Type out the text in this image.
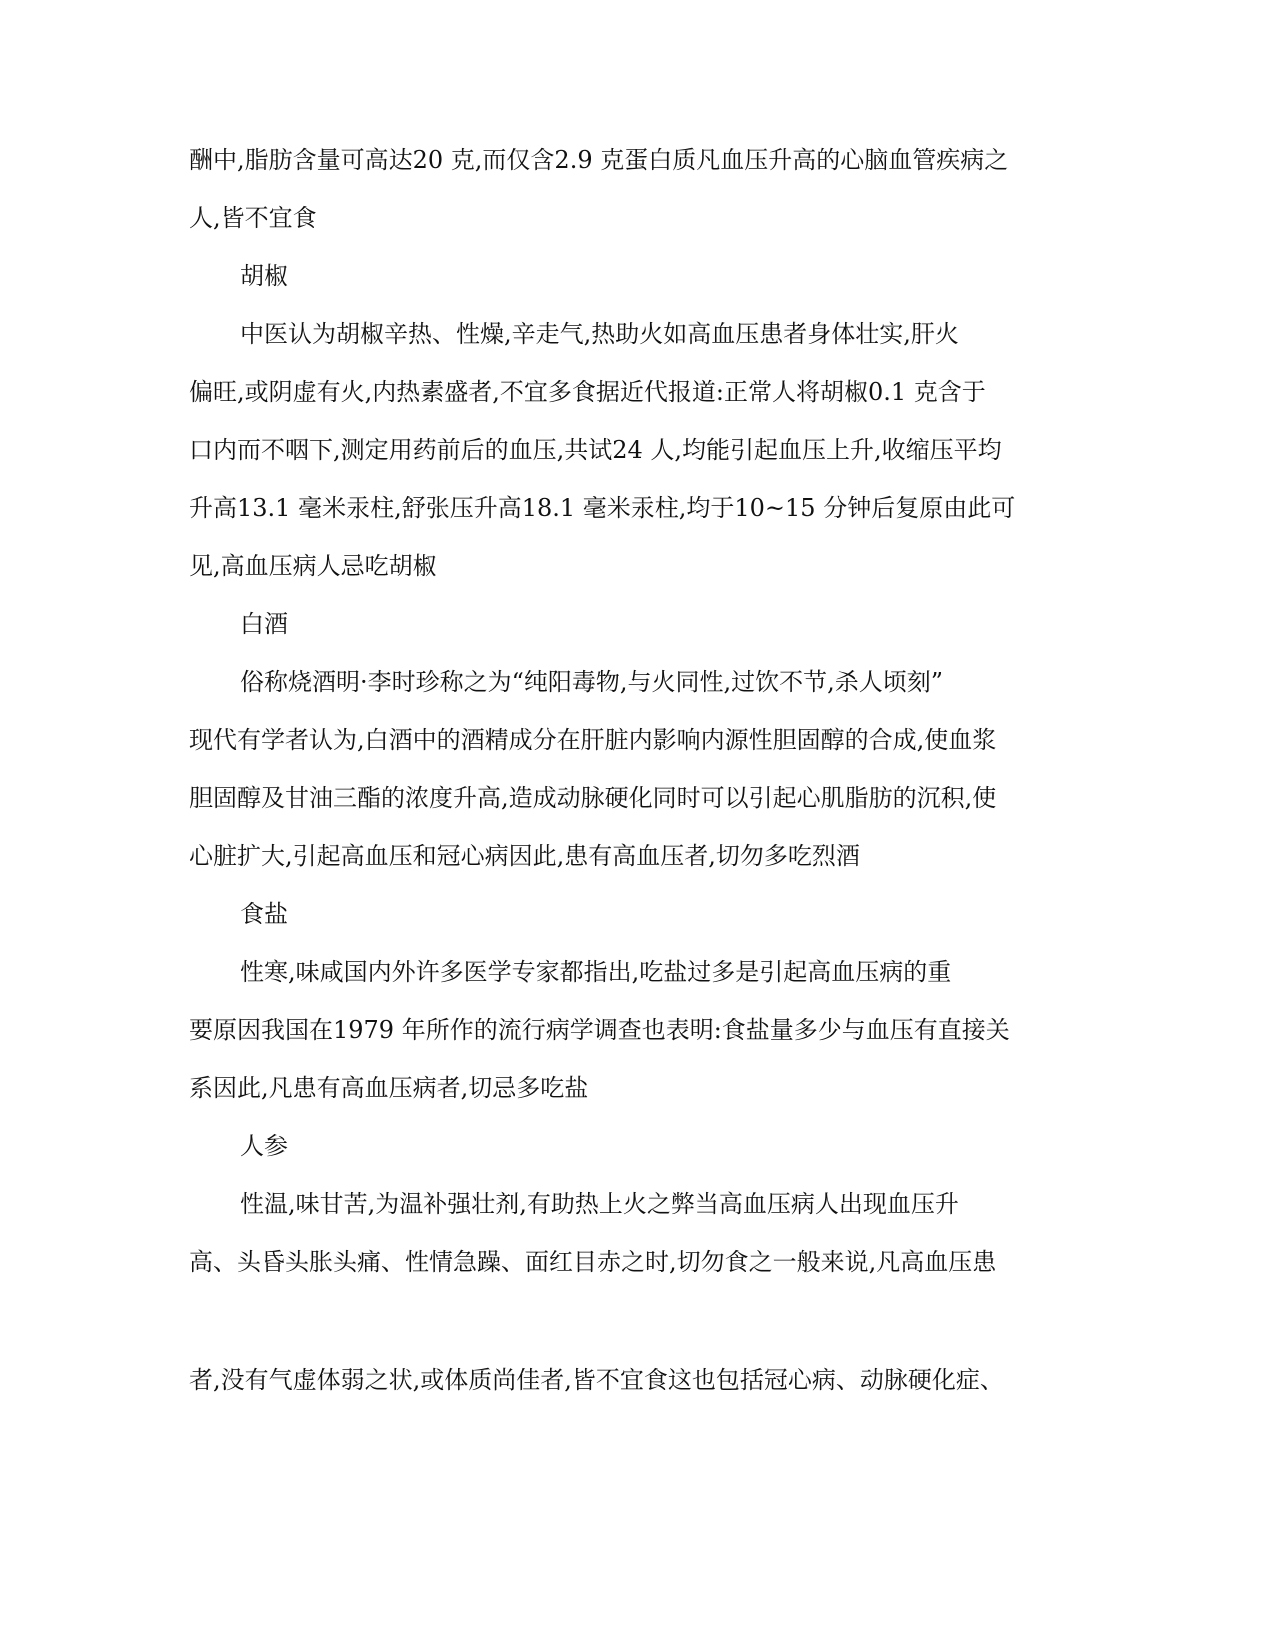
酬中,脂肪含量可高达20 克,而仅含2.9 克蛋白质凡血压升高的心脑血管疾病之
人,皆不宜食
胡椒
中医认为胡椒辛热、性燥,辛走气,热助火如高血压患者身体壮实,肝火
偏旺,或阴虚有火,内热素盛者,不宜多食据近代报道:正常人将胡椒0.1 克含于
口内而不咽下,测定用药前后的血压,共试24 人,均能引起血压上升,收缩压平均
升高13.1 毫米汞柱,舒张压升高18.1 毫米汞柱,均于10~15 分钟后复原由此可
见,高血压病人忌吃胡椒
白酒
俗称烧酒明·李时珍称之为“纯阳毒物,与火同性,过饮不节,杀人顷刻”
现代有学者认为,白酒中的酒精成分在肝脏内影响内源性胆固醇的合成,使血浆
胆固醇及甘油三酯的浓度升高,造成动脉硬化同时可以引起心肌脂肪的沉积,使
心脏扩大,引起高血压和冠心病因此,患有高血压者,切勿多吃烈酒
食盐
性寒,味咸国内外许多医学专家都指出,吃盐过多是引起高血压病的重
要原因我国在1979 年所作的流行病学调查也表明:食盐量多少与血压有直接关
系因此,凡患有高血压病者,切忌多吃盐
人参
性温,味甘苦,为温补强壮剂,有助热上火之弊当高血压病人出现血压升
高、头昏头胀头痛、性情急躁、面红目赤之时,切勿食之一般来说,凡高血压患
者,没有气虚体弱之状,或体质尚佳者,皆不宜食这也包括冠心病、动脉硬化症、
